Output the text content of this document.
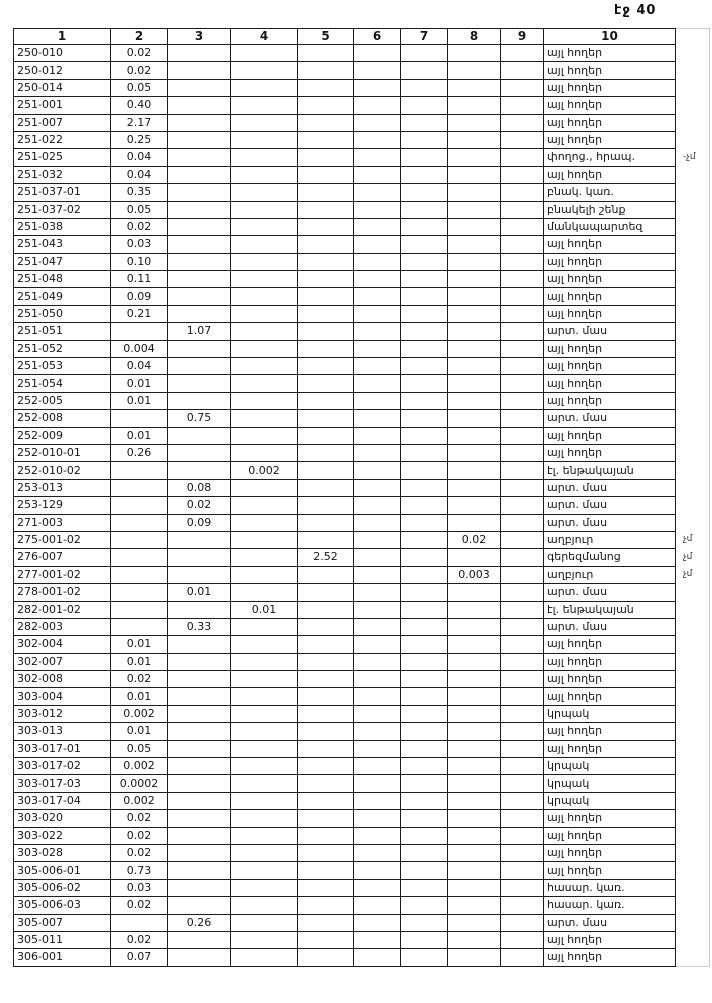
էջ 40
1	2	3	4	5	6	7	8	9	10	
250-010	0.02								այլ հողեր	
250-012	0.02								այլ հողեր	
250-014	0.05								այլ հողեր	
251-001	0.40								այլ հողեր	
251-007	2.17								այլ հողեր	
251-022	0.25								այլ հողեր	
251-025	0.04								փողոց., հրապ.	-չմ
251-032	0.04								այլ հողեր	
251-037-01	0.35								բնակ. կառ.	
251-037-02	0.05								բնակելի շենք	
251-038	0.02								մանկապարտեզ	
251-043	0.03								այլ հողեր	
251-047	0.10								այլ հողեր	
251-048	0.11								այլ հողեր	
251-049	0.09								այլ հողեր	
251-050	0.21								այլ հողեր	
251-051		1.07							արտ. մաս	
251-052	0.004								այլ հողեր	
251-053	0.04								այլ հողեր	
251-054	0.01								այլ հողեր	
252-005	0.01								այլ հողեր	
252-008		0.75							արտ. մաս	
252-009	0.01								այլ հողեր	
252-010-01	0.26								այլ հողեր	
252-010-02			0.002						էլ. ենթակայան	
253-013		0.08							արտ. մաս	
253-129		0.02							արտ. մաս	
271-003		0.09							արտ. մաս	
275-001-02							0.02		աղբյուր	չմ
276-007				2.52					գերեզմանոց	չմ
277-001-02							0.003		աղբյուր	չմ
278-001-02		0.01							արտ. մաս	
282-001-02			0.01						էլ. ենթակայան	
282-003		0.33							արտ. մաս	
302-004	0.01								այլ հողեր	
302-007	0.01								այլ հողեր	
302-008	0.02								այլ հողեր	
303-004	0.01								այլ հողեր	
303-012	0.002								կրպակ	
303-013	0.01								այլ հողեր	
303-017-01	0.05								այլ հողեր	
303-017-02	0.002								կրպակ	
303-017-03	0.0002								կրպակ	
303-017-04	0.002								կրպակ	
303-020	0.02								այլ հողեր	
303-022	0.02								այլ հողեր	
303-028	0.02								այլ հողեր	
305-006-01	0.73								այլ հողեր	
305-006-02	0.03								հասար. կառ.	
305-006-03	0.02								հասար. կառ.	
305-007		0.26							արտ. մաս	
305-011	0.02								այլ հողեր	
306-001	0.07								այլ հողեր	
